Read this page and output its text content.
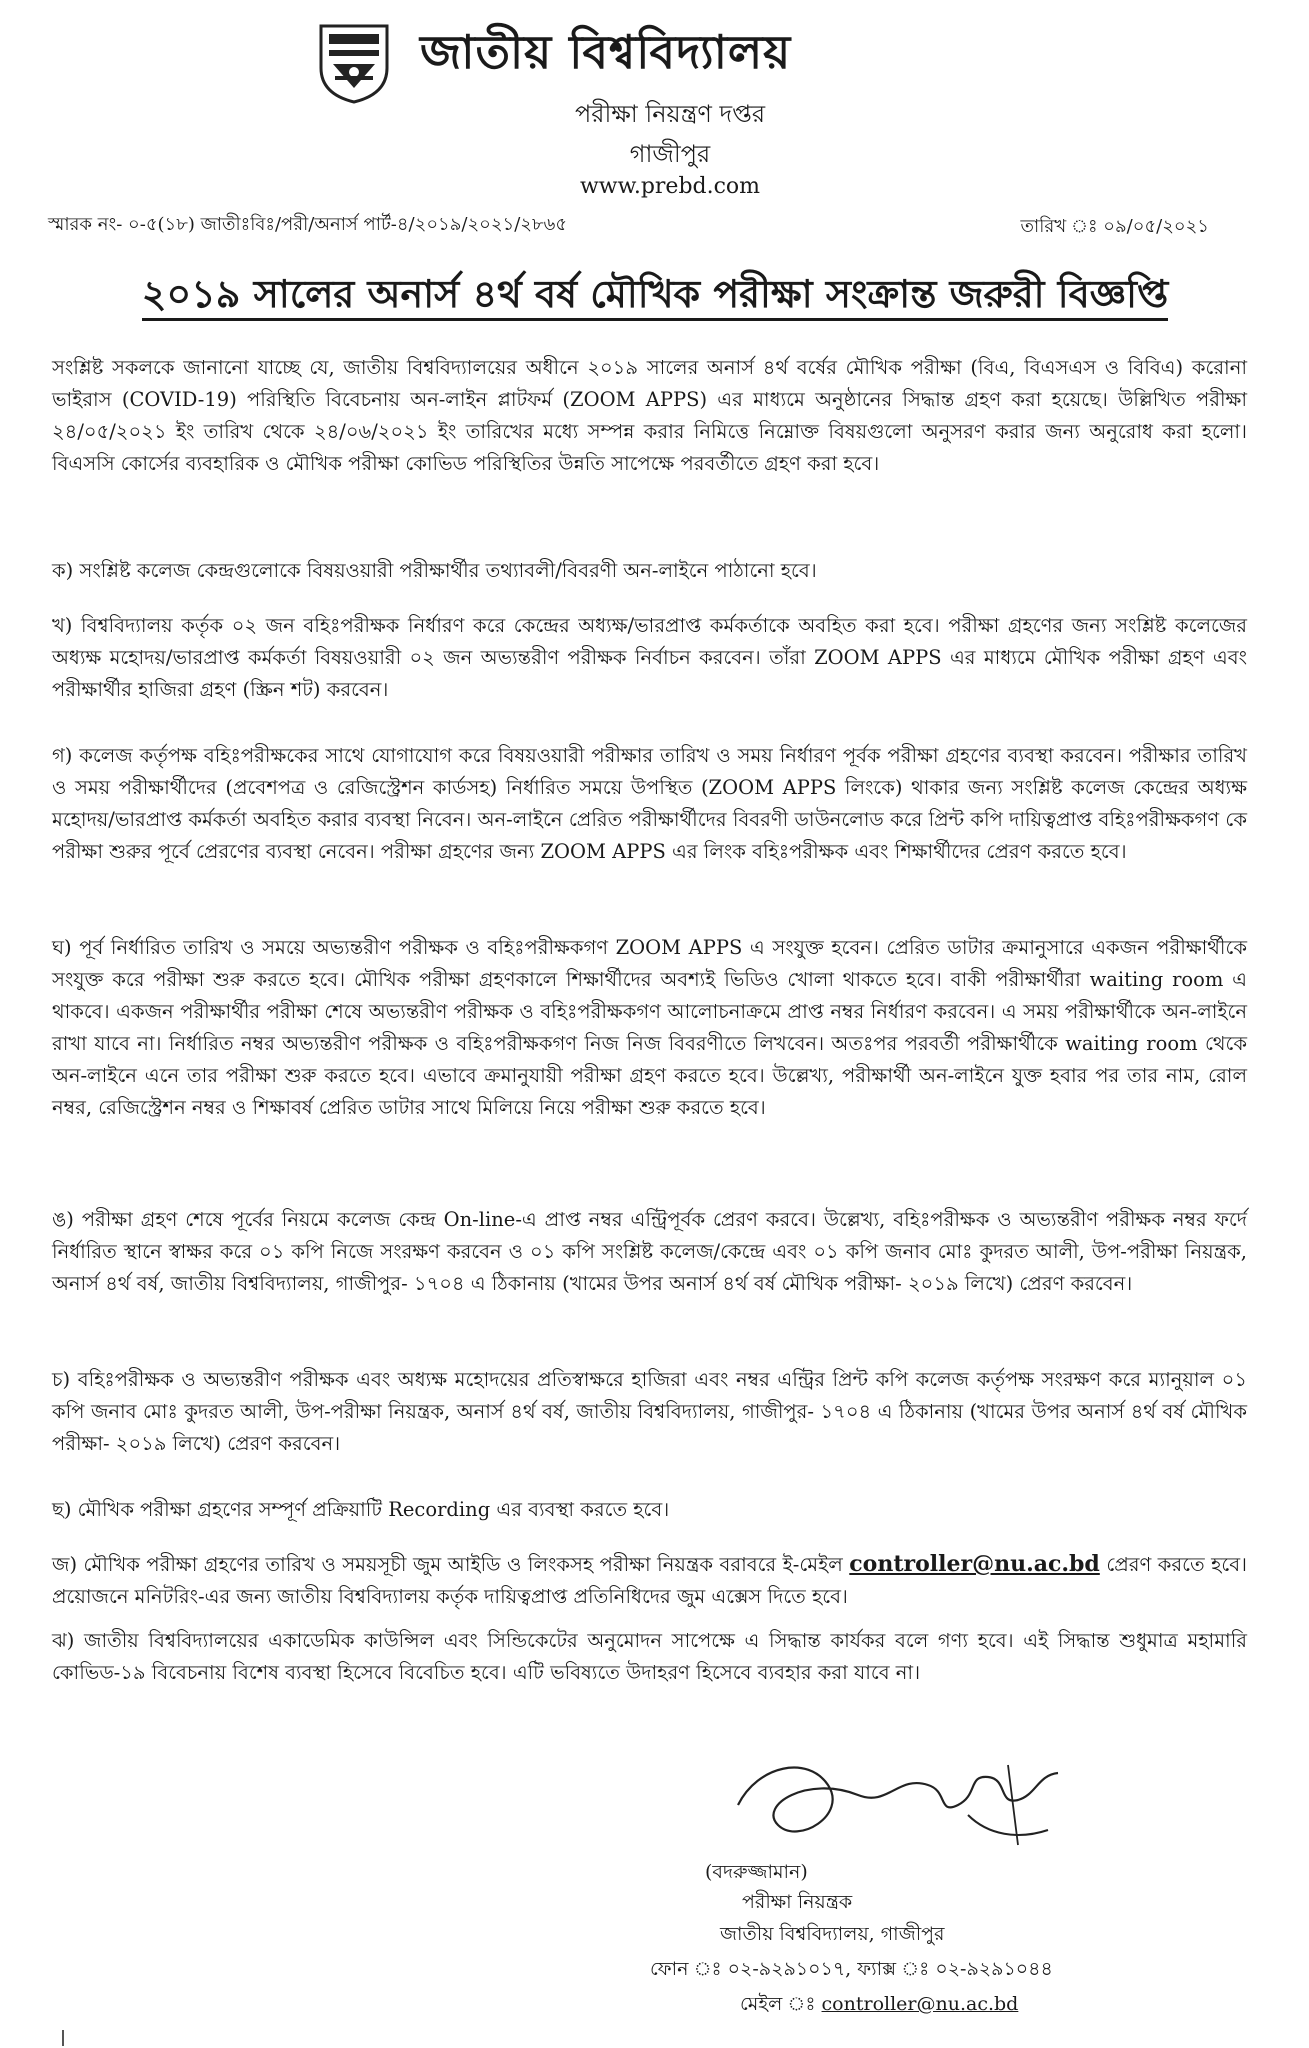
জাতীয় বিশ্ববিদ্যালয়
পরীক্ষা নিয়ন্ত্রণ দপ্তর
গাজীপুর
www.prebd.com
স্মারক নং- ০-৫(১৮) জাতীঃবিঃ/পরী/অনার্স পার্ট-৪/২০১৯/২০২১/২৮৬৫	তারিখ ঃ ০৯/০৫/২০২১
২০১৯ সালের অনার্স ৪র্থ বর্ষ মৌখিক পরীক্ষা সংক্রান্ত জরুরী বিজ্ঞপ্তি
সংশ্লিষ্ট সকলকে জানানো যাচ্ছে যে, জাতীয় বিশ্ববিদ্যালয়ের অধীনে ২০১৯ সালের অনার্স ৪র্থ বর্ষের মৌখিক পরীক্ষা (বিএ, বিএসএস ও বিবিএ) করোনা ভাইরাস (COVID-19) পরিস্থিতি বিবেচনায় অন-লাইন প্লাটফর্ম (ZOOM APPS) এর মাধ্যমে অনুষ্ঠানের সিদ্ধান্ত গ্রহণ করা হয়েছে। উল্লিখিত পরীক্ষা ২৪/০৫/২০২১ ইং তারিখ থেকে ২৪/০৬/২০২১ ইং তারিখের মধ্যে সম্পন্ন করার নিমিত্তে নিম্নোক্ত বিষয়গুলো অনুসরণ করার জন্য অনুরোধ করা হলো। বিএসসি কোর্সের ব্যবহারিক ও মৌখিক পরীক্ষা কোভিড পরিস্থিতির উন্নতি সাপেক্ষে পরবর্তীতে গ্রহণ করা হবে।
ক) সংশ্লিষ্ট কলেজ কেন্দ্রগুলোকে বিষয়ওয়ারী পরীক্ষার্থীর তথ্যাবলী/বিবরণী অন-লাইনে পাঠানো হবে।
খ) বিশ্ববিদ্যালয় কর্তৃক ০২ জন বহিঃপরীক্ষক নির্ধারণ করে কেন্দ্রের অধ্যক্ষ/ভারপ্রাপ্ত কর্মকর্তাকে অবহিত করা হবে। পরীক্ষা গ্রহণের জন্য সংশ্লিষ্ট কলেজের অধ্যক্ষ মহোদয়/ভারপ্রাপ্ত কর্মকর্তা বিষয়ওয়ারী ০২ জন অভ্যন্তরীণ পরীক্ষক নির্বাচন করবেন। তাঁরা ZOOM APPS এর মাধ্যমে মৌখিক পরীক্ষা গ্রহণ এবং পরীক্ষার্থীর হাজিরা গ্রহণ (স্ক্রিন শট) করবেন।
গ) কলেজ কর্তৃপক্ষ বহিঃপরীক্ষকের সাথে যোগাযোগ করে বিষয়ওয়ারী পরীক্ষার তারিখ ও সময় নির্ধারণ পূর্বক পরীক্ষা গ্রহণের ব্যবস্থা করবেন। পরীক্ষার তারিখ ও সময় পরীক্ষার্থীদের (প্রবেশপত্র ও রেজিস্ট্রেশন কার্ডসহ) নির্ধারিত সময়ে উপস্থিত (ZOOM APPS লিংকে) থাকার জন্য সংশ্লিষ্ট কলেজ কেন্দ্রের অধ্যক্ষ মহোদয়/ভারপ্রাপ্ত কর্মকর্তা অবহিত করার ব্যবস্থা নিবেন। অন-লাইনে প্রেরিত পরীক্ষার্থীদের বিবরণী ডাউনলোড করে প্রিন্ট কপি দায়িত্বপ্রাপ্ত বহিঃপরীক্ষকগণ কে পরীক্ষা শুরুর পূর্বে প্রেরণের ব্যবস্থা নেবেন। পরীক্ষা গ্রহণের জন্য ZOOM APPS এর লিংক বহিঃপরীক্ষক এবং শিক্ষার্থীদের প্রেরণ করতে হবে।
ঘ) পূর্ব নির্ধারিত তারিখ ও সময়ে অভ্যন্তরীণ পরীক্ষক ও বহিঃপরীক্ষকগণ ZOOM APPS এ সংযুক্ত হবেন। প্রেরিত ডাটার ক্রমানুসারে একজন পরীক্ষার্থীকে সংযুক্ত করে পরীক্ষা শুরু করতে হবে। মৌখিক পরীক্ষা গ্রহণকালে শিক্ষার্থীদের অবশ্যই ভিডিও খোলা থাকতে হবে। বাকী পরীক্ষার্থীরা waiting room এ থাকবে। একজন পরীক্ষার্থীর পরীক্ষা শেষে অভ্যন্তরীণ পরীক্ষক ও বহিঃপরীক্ষকগণ আলোচনাক্রমে প্রাপ্ত নম্বর নির্ধারণ করবেন। এ সময় পরীক্ষার্থীকে অন-লাইনে রাখা যাবে না। নির্ধারিত নম্বর অভ্যন্তরীণ পরীক্ষক ও বহিঃপরীক্ষকগণ নিজ নিজ বিবরণীতে লিখবেন। অতঃপর পরবর্তী পরীক্ষার্থীকে waiting room থেকে অন-লাইনে এনে তার পরীক্ষা শুরু করতে হবে। এভাবে ক্রমানুযায়ী পরীক্ষা গ্রহণ করতে হবে। উল্লেখ্য, পরীক্ষার্থী অন-লাইনে যুক্ত হবার পর তার নাম, রোল নম্বর, রেজিস্ট্রেশন নম্বর ও শিক্ষাবর্ষ প্রেরিত ডাটার সাথে মিলিয়ে নিয়ে পরীক্ষা শুরু করতে হবে।
ঙ) পরীক্ষা গ্রহণ শেষে পূর্বের নিয়মে কলেজ কেন্দ্র On-line-এ প্রাপ্ত নম্বর এন্ট্রিপূর্বক প্রেরণ করবে। উল্লেখ্য, বহিঃপরীক্ষক ও অভ্যন্তরীণ পরীক্ষক নম্বর ফর্দে নির্ধারিত স্থানে স্বাক্ষর করে ০১ কপি নিজে সংরক্ষণ করবেন ও ০১ কপি সংশ্লিষ্ট কলেজ/কেন্দ্রে এবং ০১ কপি জনাব মোঃ কুদরত আলী, উপ-পরীক্ষা নিয়ন্ত্রক, অনার্স ৪র্থ বর্ষ, জাতীয় বিশ্ববিদ্যালয়, গাজীপুর- ১৭০৪ এ ঠিকানায় (খামের উপর অনার্স ৪র্থ বর্ষ মৌখিক পরীক্ষা- ২০১৯ লিখে) প্রেরণ করবেন।
চ) বহিঃপরীক্ষক ও অভ্যন্তরীণ পরীক্ষক এবং অধ্যক্ষ মহোদয়ের প্রতিস্বাক্ষরে হাজিরা এবং নম্বর এন্ট্রির প্রিন্ট কপি কলেজ কর্তৃপক্ষ সংরক্ষণ করে ম্যানুয়াল ০১ কপি জনাব মোঃ কুদরত আলী, উপ-পরীক্ষা নিয়ন্ত্রক, অনার্স ৪র্থ বর্ষ, জাতীয় বিশ্ববিদ্যালয়, গাজীপুর- ১৭০৪ এ ঠিকানায় (খামের উপর অনার্স ৪র্থ বর্ষ মৌখিক পরীক্ষা- ২০১৯ লিখে) প্রেরণ করবেন।
ছ) মৌখিক পরীক্ষা গ্রহণের সম্পূর্ণ প্রক্রিয়াটি Recording এর ব্যবস্থা করতে হবে।
জ) মৌখিক পরীক্ষা গ্রহণের তারিখ ও সময়সূচী জুম আইডি ও লিংকসহ পরীক্ষা নিয়ন্ত্রক বরাবরে ই-মেইল controller@nu.ac.bd প্রেরণ করতে হবে। প্রয়োজনে মনিটরিং-এর জন্য জাতীয় বিশ্ববিদ্যালয় কর্তৃক দায়িত্বপ্রাপ্ত প্রতিনিধিদের জুম এক্সেস দিতে হবে।
ঝ) জাতীয় বিশ্ববিদ্যালয়ের একাডেমিক কাউন্সিল এবং সিন্ডিকেটের অনুমোদন সাপেক্ষে এ সিদ্ধান্ত কার্যকর বলে গণ্য হবে। এই সিদ্ধান্ত শুধুমাত্র মহামারি কোভিড-১৯ বিবেচনায় বিশেষ ব্যবস্থা হিসেবে বিবেচিত হবে। এটি ভবিষ্যতে উদাহরণ হিসেবে ব্যবহার করা যাবে না।
(বদরুজ্জামান)
পরীক্ষা নিয়ন্ত্রক
জাতীয় বিশ্ববিদ্যালয়, গাজীপুর
ফোন ঃ ০২-৯২৯১০১৭, ফ্যাক্স ঃ ০২-৯২৯১০৪৪
মেইল ঃ controller@nu.ac.bd
